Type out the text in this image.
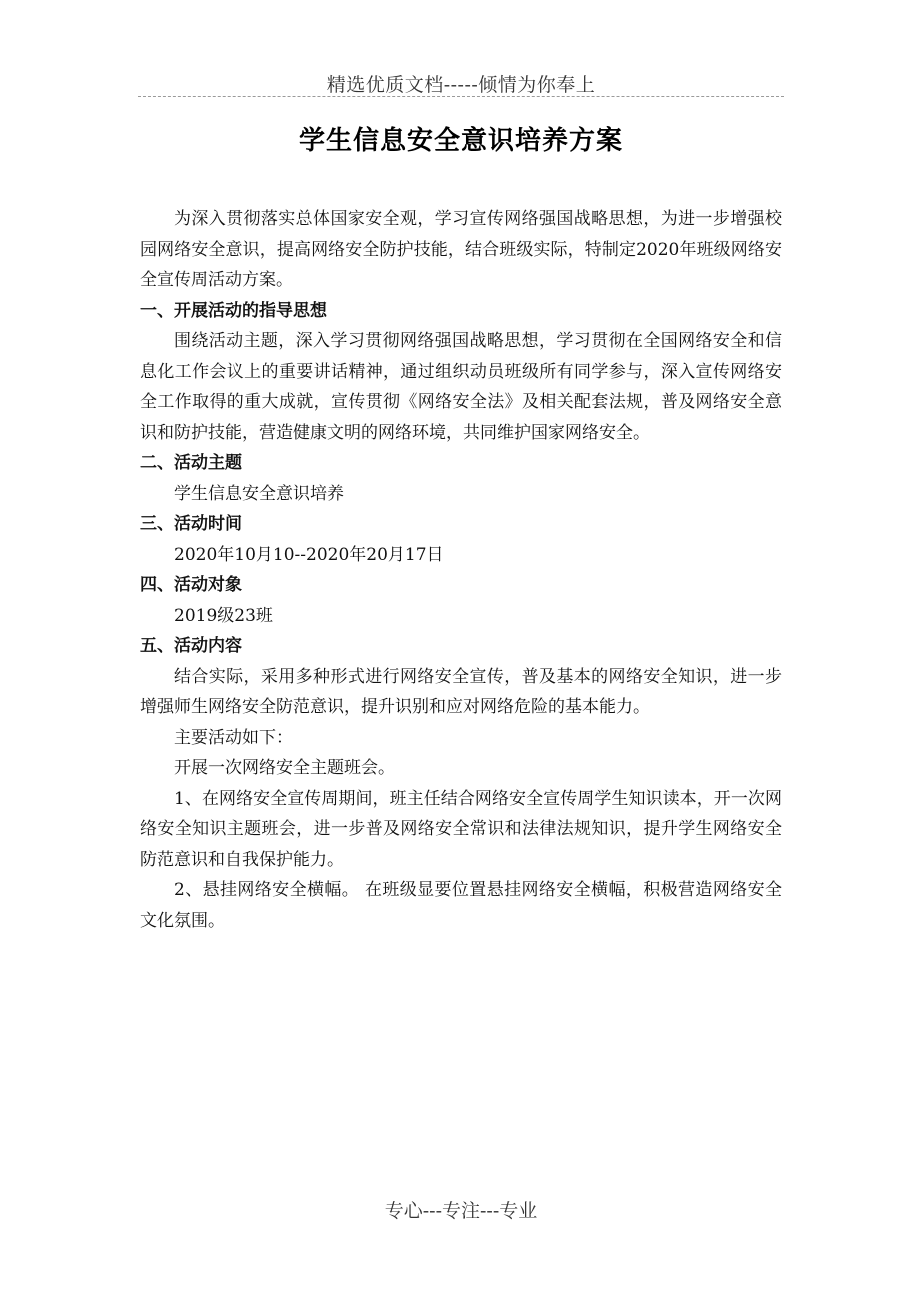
精选优质文档-----倾情为你奉上
学生信息安全意识培养方案

为深入贯彻落实总体国家安全观，学习宣传网络强国战略思想，为进一步增强校园网络安全意识，提高网络安全防护技能，结合班级实际，特制定2020年班级网络安全宣传周活动方案。

一、开展活动的指导思想

围绕活动主题，深入学习贯彻网络强国战略思想，学习贯彻在全国网络安全和信息化工作会议上的重要讲话精神，通过组织动员班级所有同学参与，深入宣传网络安全工作取得的重大成就，宣传贯彻《网络安全法》及相关配套法规，普及网络安全意识和防护技能，营造健康文明的网络环境，共同维护国家网络安全。

二、活动主题

学生信息安全意识培养

三、活动时间

2020年10月10--2020年20月17日

四、活动对象

2019级23班

五、活动内容

结合实际，采用多种形式进行网络安全宣传，普及基本的网络安全知识，进一步增强师生网络安全防范意识，提升识别和应对网络危险的基本能力。

主要活动如下：

开展一次网络安全主题班会。

1、在网络安全宣传周期间，班主任结合网络安全宣传周学生知识读本，开一次网络安全知识主题班会，进一步普及网络安全常识和法律法规知识，提升学生网络安全防范意识和自我保护能力。

2、悬挂网络安全横幅。 在班级显要位置悬挂网络安全横幅，积极营造网络安全文化氛围。

专心---专注---专业
